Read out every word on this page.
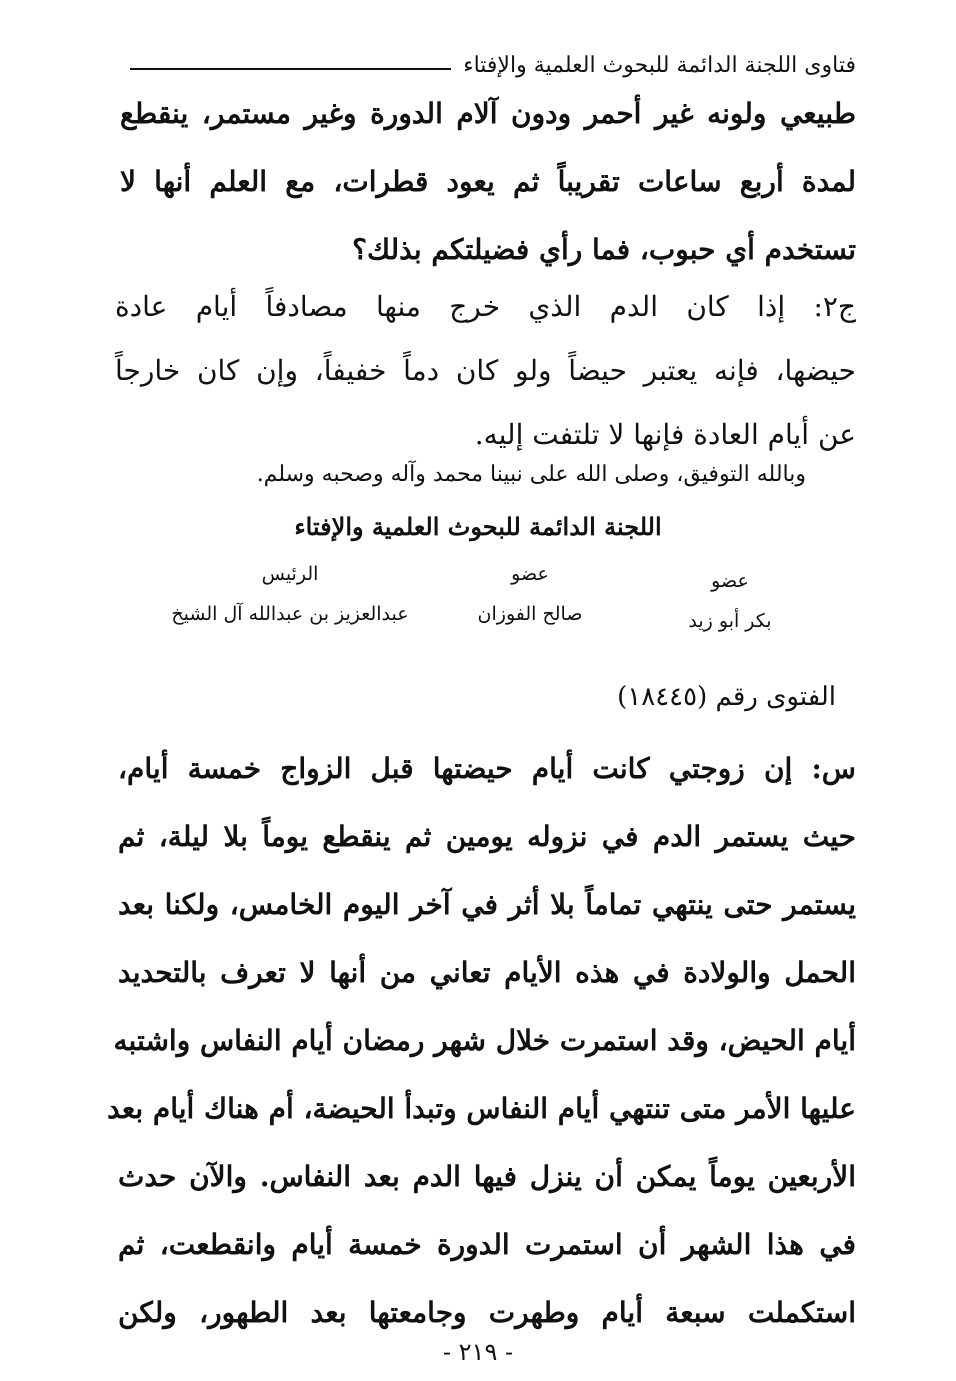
فتاوى اللجنة الدائمة للبحوث العلمية والإفتاء
طبيعي ولونه غير أحمر ودون آلام الدورة وغير مستمر، ينقطع
لمدة أربع ساعات تقريباً ثم يعود قطرات، مع العلم أنها لا
تستخدم أي حبوب، فما رأي فضيلتكم بذلك؟
ج٢: إذا كان الدم الذي خرج منها مصادفاً أيام عادة
حيضها، فإنه يعتبر حيضاً ولو كان دماً خفيفاً، وإن كان خارجاً
عن أيام العادة فإنها لا تلتفت إليه.
وبالله التوفيق، وصلى الله على نبينا محمد وآله وصحبه وسلم.
اللجنة الدائمة للبحوث العلمية والإفتاء
الرئيس
عبدالعزيز بن عبدالله آل الشيخ
عضو
صالح الفوزان
عضو
بكر أبو زيد
الفتوى رقم (١٨٤٤٥)
س: إن زوجتي كانت أيام حيضتها قبل الزواج خمسة أيام،
حيث يستمر الدم في نزوله يومين ثم ينقطع يوماً بلا ليلة، ثم
يستمر حتى ينتهي تماماً بلا أثر في آخر اليوم الخامس، ولكنا بعد
الحمل والولادة في هذه الأيام تعاني من أنها لا تعرف بالتحديد
أيام الحيض، وقد استمرت خلال شهر رمضان أيام النفاس واشتبه
عليها الأمر متى تنتهي أيام النفاس وتبدأ الحيضة، أم هناك أيام بعد
الأربعين يوماً يمكن أن ينزل فيها الدم بعد النفاس. والآن حدث
في هذا الشهر أن استمرت الدورة خمسة أيام وانقطعت، ثم
استكملت سبعة أيام وطهرت وجامعتها بعد الطهور، ولكن
- ٢١٩ -
